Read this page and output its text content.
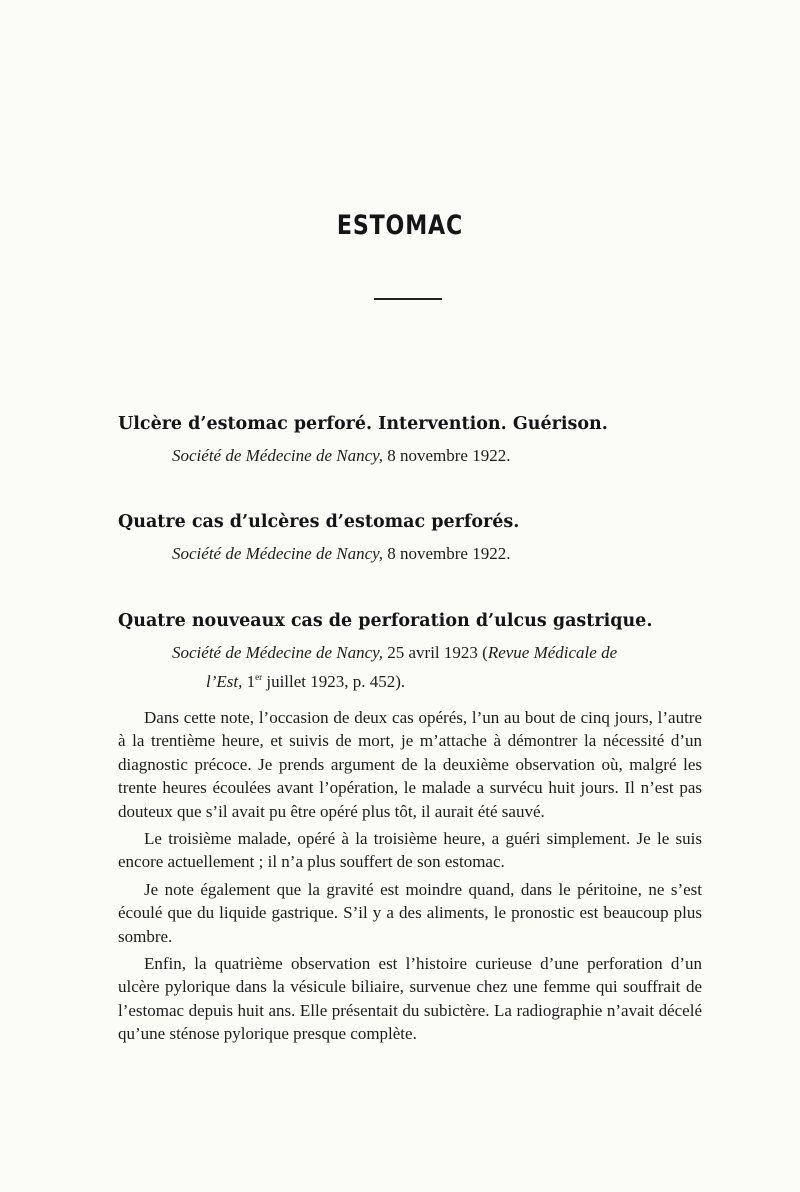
ESTOMAC
Ulcère d’estomac perforé. Intervention. Guérison.
Société de Médecine de Nancy, 8 novembre 1922.
Quatre cas d’ulcères d’estomac perforés.
Société de Médecine de Nancy, 8 novembre 1922.
Quatre nouveaux cas de perforation d’ulcus gastrique.
Société de Médecine de Nancy, 25 avril 1923 (Revue Médicale de
l’Est, 1er juillet 1923, p. 452).

Dans cette note, l’occasion de deux cas opérés, l’un au bout de cinq jours, l’autre à la trentième heure, et suivis de mort, je m’attache à démontrer la nécessité d’un diagnostic précoce. Je prends argument de la deuxième observation où, malgré les trente heures écoulées avant l’opération, le malade a survécu huit jours. Il n’est pas douteux que s’il avait pu être opéré plus tôt, il aurait été sauvé.

Le troisième malade, opéré à la troisième heure, a guéri simplement. Je le suis encore actuellement ; il n’a plus souffert de son estomac.

Je note également que la gravité est moindre quand, dans le péritoine, ne s’est écoulé que du liquide gastrique. S’il y a des aliments, le pronostic est beaucoup plus sombre.

Enfin, la quatrième observation est l’histoire curieuse d’une perforation d’un ulcère pylorique dans la vésicule biliaire, survenue chez une femme qui souffrait de l’estomac depuis huit ans. Elle présentait du subictère. La radiographie n’avait décelé qu’une sténose pylorique presque complète.
